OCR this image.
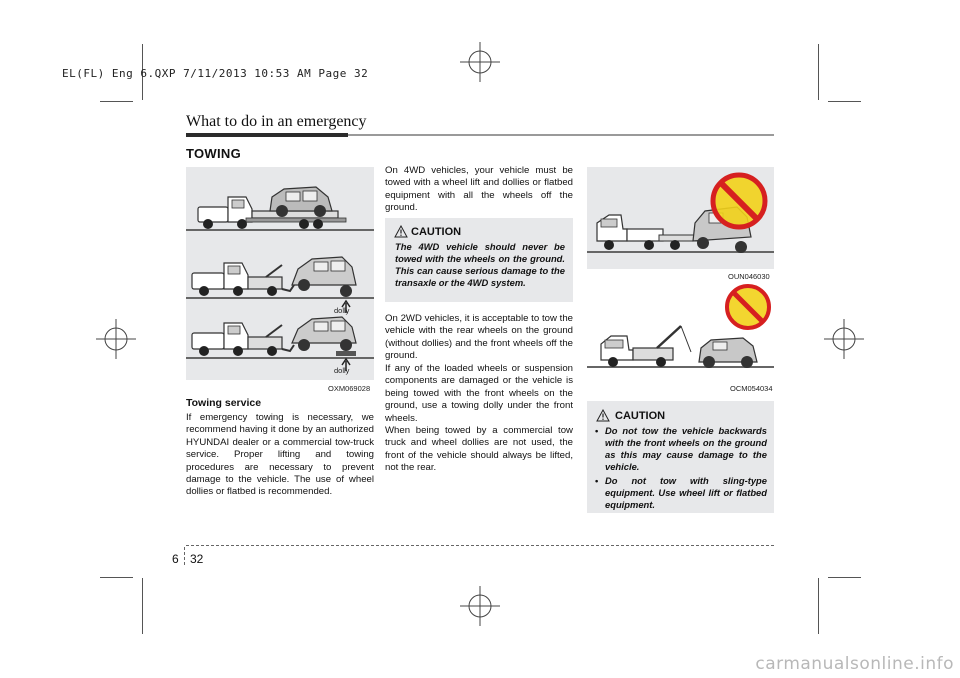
EL(FL) Eng 6.QXP 7/11/2013 10:53 AM Page 32
What to do in an emergency
TOWING
dolly
dolly
OXM069028
Towing service
If emergency towing is necessary, we recommend having it done by an authorized HYUNDAI dealer or a commercial tow-truck service. Proper lifting and towing procedures are necessary to prevent damage to the vehicle. The use of wheel dollies or flatbed is recommended.
On 4WD vehicles, your vehicle must be towed with a wheel lift and dollies or flatbed equipment with all the wheels off the ground.
CAUTION
The 4WD vehicle should never be towed with the wheels on the ground. This can cause serious damage to the transaxle or the 4WD system.
On 2WD vehicles, it is acceptable to tow the vehicle with the rear wheels on the ground (without dollies) and the front wheels off the ground.
If any of the loaded wheels or suspension components are damaged or the vehicle is being towed with the front wheels on the ground, use a towing dolly under the front wheels.
When being towed by a commercial tow truck and wheel dollies are not used, the front of the vehicle should always be lifted, not the rear.
OUN046030
OCM054034
CAUTION
• Do not tow the vehicle backwards with the front wheels on the ground as this may cause damage to the vehicle.
• Do not tow with sling-type equipment. Use wheel lift or flatbed equipment.
6 32
carmanualsonline.info
